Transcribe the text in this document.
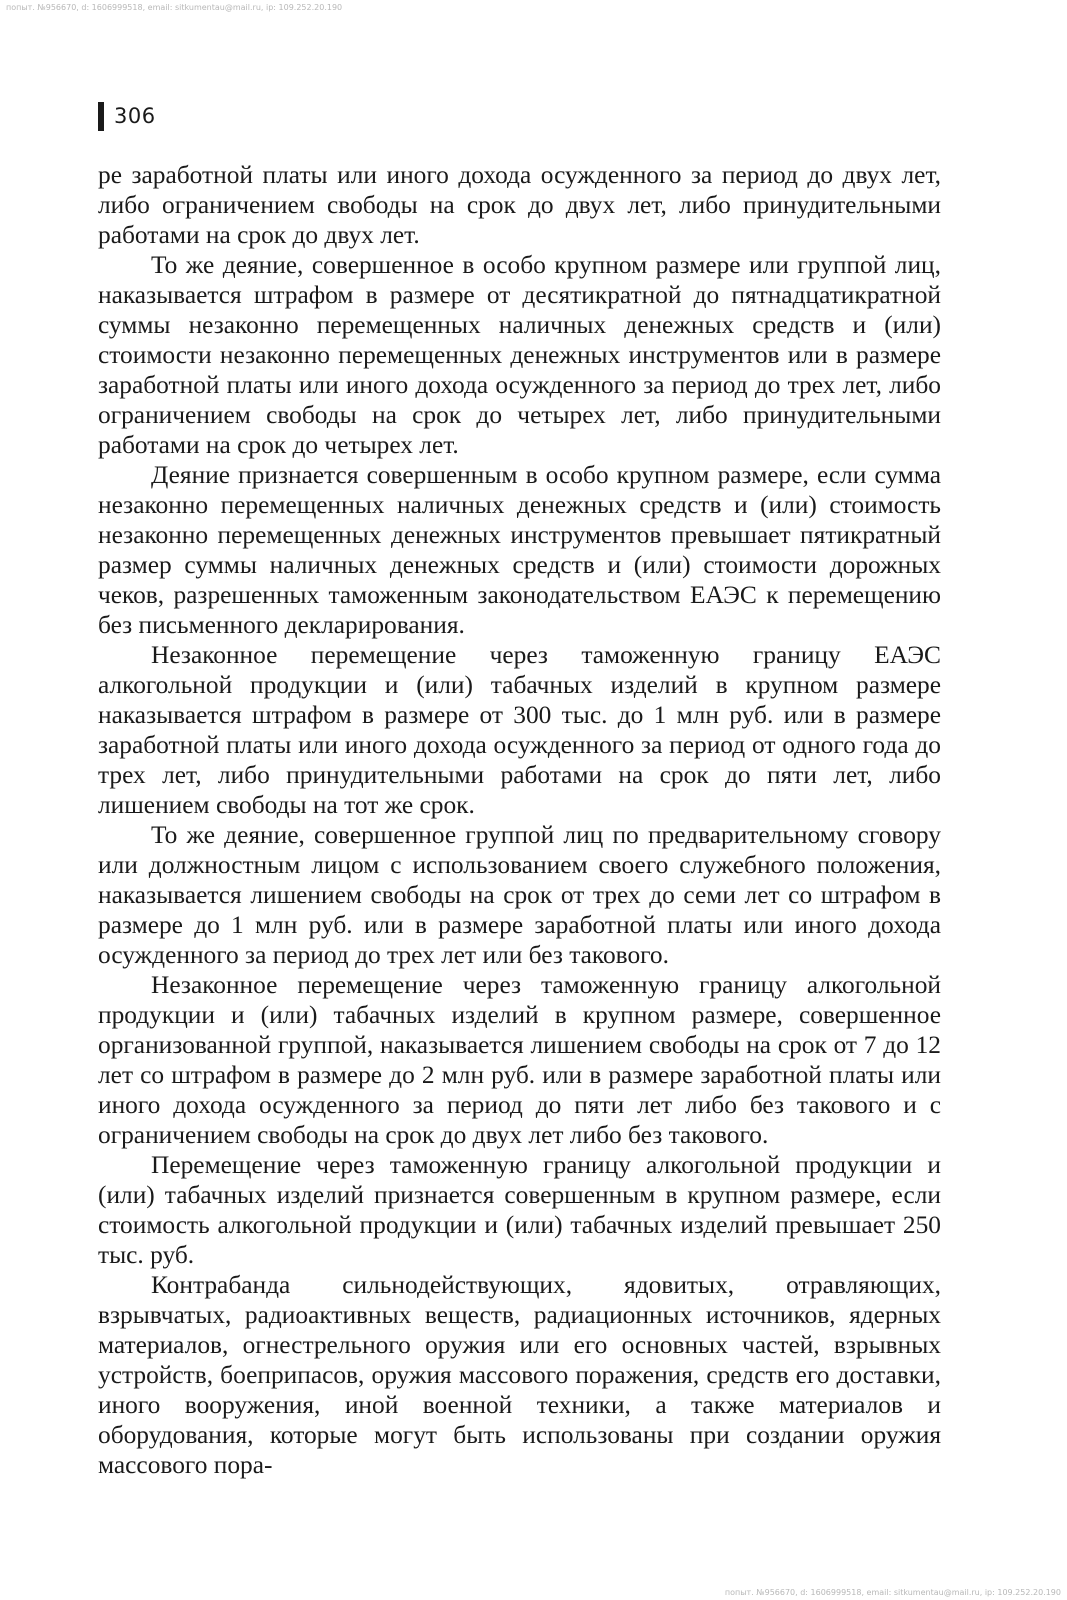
попыт. №956670, d: 1606999518, email: sitkumentau@mail.ru, ip: 109.252.20.190
306

ре заработной платы или иного дохода осужденного за период до двух лет, либо ограничением свободы на срок до двух лет, либо принудительными работами на срок до двух лет.

То же деяние, совершенное в особо крупном размере или группой лиц, наказывается штрафом в размере от десятикратной до пятнадцатикратной суммы незаконно перемещенных наличных денежных средств и (или) стоимости незаконно перемещенных денежных инструментов или в размере заработной платы или иного дохода осужденного за период до трех лет, либо ограничением свободы на срок до четырех лет, либо принудительными работами на срок до четырех лет.

Деяние признается совершенным в особо крупном размере, если сумма незаконно перемещенных наличных денежных средств и (или) стоимость незаконно перемещенных денежных инструментов превышает пятикратный размер суммы наличных денежных средств и (или) стоимости дорожных чеков, разрешенных таможенным законодательством ЕАЭС к перемещению без письменного декларирования.

Незаконное перемещение через таможенную границу ЕАЭС алкогольной продукции и (или) табачных изделий в крупном размере наказывается штрафом в размере от 300 тыс. до 1 млн руб. или в размере заработной платы или иного дохода осужденного за период от одного года до трех лет, либо принудительными работами на срок до пяти лет, либо лишением свободы на тот же срок.

То же деяние, совершенное группой лиц по предварительному сговору или должностным лицом с использованием своего служебного положения, наказывается лишением свободы на срок от трех до семи лет со штрафом в размере до 1 млн руб. или в размере заработной платы или иного дохода осужденного за период до трех лет или без такового.

Незаконное перемещение через таможенную границу алкогольной продукции и (или) табачных изделий в крупном размере, совершенное организованной группой, наказывается лишением свободы на срок от 7 до 12 лет со штрафом в размере до 2 млн руб. или в размере заработной платы или иного дохода осужденного за период до пяти лет либо без такового и с ограничением свободы на срок до двух лет либо без такового.

Перемещение через таможенную границу алкогольной продукции и (или) табачных изделий признается совершенным в крупном размере, если стоимость алкогольной продукции и (или) табачных изделий превышает 250 тыс. руб.

Контрабанда сильнодействующих, ядовитых, отравляющих, взрывчатых, радиоактивных веществ, радиационных источников, ядерных материалов, огнестрельного оружия или его основных частей, взрывных устройств, боеприпасов, оружия массового поражения, средств его доставки, иного вооружения, иной военной техники, а также материалов и оборудования, которые могут быть использованы при создании оружия массового пора-

попыт. №956670, d: 1606999518, email: sitkumentau@mail.ru, ip: 109.252.20.190
